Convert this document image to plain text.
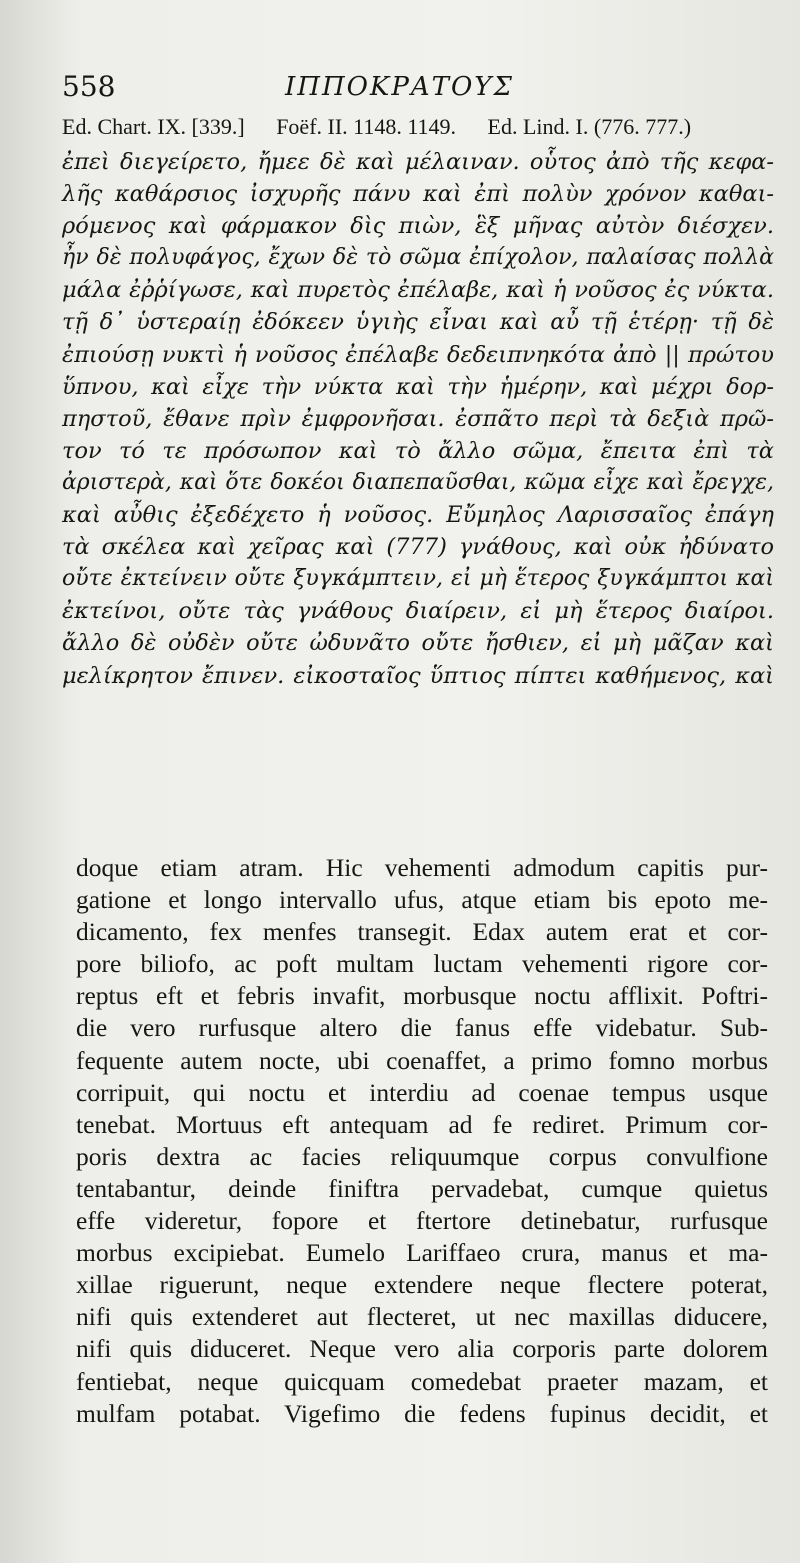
558	ΙΠΠΟΚΡΑΤΟΥΣ
Ed. Chart. IX. [339.] Foëf. II. 1148. 1149. Ed. Lind. I. (776. 777.)
ἐπεὶ διεγείρετο, ἤμεε δὲ καὶ μέλαιναν. οὗτος ἀπὸ τῆς κεφα-
λῆς καθάρσιος ἰσχυρῆς πάνυ καὶ ἐπὶ πολὺν χρόνον καθαι-
ρόμενος καὶ φάρμακον δὶς πιὼν, ἓξ μῆνας αὐτὸν διέσχεν.
ἦν δὲ πολυφάγος, ἔχων δὲ τὸ σῶμα ἐπίχολον, παλαίσας πολλὰ
μάλα ἐῤῥίγωσε, καὶ πυρετὸς ἐπέλαβε, καὶ ἡ νοῦσος ἐς νύκτα.
τῇ δ᾽ ὑστεραίῃ ἐδόκεεν ὑγιὴς εἶναι καὶ αὖ τῇ ἑτέρῃ· τῇ δὲ
ἐπιούσῃ νυκτὶ ἡ νοῦσος ἐπέλαβε δεδειπνηκότα ἀπὸ || πρώτου
ὕπνου, καὶ εἶχε τὴν νύκτα καὶ τὴν ἡμέρην, καὶ μέχρι δορ-
πηστοῦ, ἔθανε πρὶν ἐμφρονῆσαι. ἐσπᾶτο περὶ τὰ δεξιὰ πρῶ-
τον τό τε πρόσωπον καὶ τὸ ἄλλο σῶμα, ἔπειτα ἐπὶ τὰ
ἀριστερὰ, καὶ ὅτε δοκέοι διαπεπαῦσθαι, κῶμα εἶχε καὶ ἔρεγχε,
καὶ αὖθις ἐξεδέχετο ἡ νοῦσος. Εὔμηλος Λαρισσαῖος ἐπάγη
τὰ σκέλεα καὶ χεῖρας καὶ (777) γνάθους, καὶ οὐκ ἠδύνατο
οὔτε ἐκτείνειν οὔτε ξυγκάμπτειν, εἰ μὴ ἕτερος ξυγκάμπτοι καὶ
ἐκτείνοι, οὔτε τὰς γνάθους διαίρειν, εἰ μὴ ἕτερος διαίροι.
ἄλλο δὲ οὐδὲν οὔτε ὠδυνᾶτο οὔτε ἤσθιεν, εἰ μὴ μᾶζαν καὶ
μελίκρητον ἔπινεν. εἰκοσταῖος ὕπτιος πίπτει καθήμενος, καὶ
doque etiam atram. Hic vehementi admodum capitis pur-
gatione et longo intervallo ufus, atque etiam bis epoto me-
dicamento, fex menfes transegit. Edax autem erat et cor-
pore biliofo, ac poft multam luctam vehementi rigore cor-
reptus eft et febris invafit, morbusque noctu afflixit. Poftri-
die vero rurfusque altero die fanus effe videbatur. Sub-
fequente autem nocte, ubi coenaffet, a primo fomno morbus
corripuit, qui noctu et interdiu ad coenae tempus usque
tenebat. Mortuus eft antequam ad fe rediret. Primum cor-
poris dextra ac facies reliquumque corpus convulfione
tentabantur, deinde finiftra pervadebat, cumque quietus
effe videretur, fopore et ftertore detinebatur, rurfusque
morbus excipiebat. Eumelo Lariffaeo crura, manus et ma-
xillae riguerunt, neque extendere neque flectere poterat,
nifi quis extenderet aut flecteret, ut nec maxillas diducere,
nifi quis diduceret. Neque vero alia corporis parte dolorem
fentiebat, neque quicquam comedebat praeter mazam, et
mulfam potabat. Vigefimo die fedens fupinus decidit, et
